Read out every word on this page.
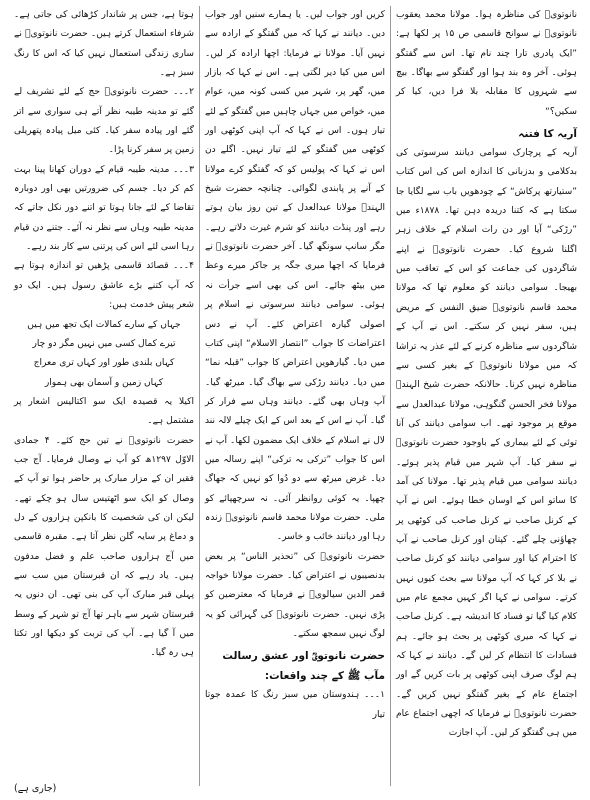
نانوتویؒ کی مناظرہ ہوا۔ مولانا محمد یعقوب نانوتویؒ نے سوانح قاسمی ص ۱۵ پر لکھا ہے: ”ایک پادری تارا چند نام تھا۔ اس سے گفتگو ہوئی۔ آخر وہ بند ہوا اور گفتگو سے بھاگا۔ بیچ سے شہروں کا مقابلہ بلا فرا دیں، کیا کر سکیں؟“

آریہ کا فتنہ

آریہ کے پرچارک سوامی دیانند سرسوتی کی بدکلامی و بدزبانی کا اندازہ اس کی اس کتاب ”ستیارتھ پرکاش“ کے چودھویں باب سے لگایا جا سکتا ہے کہ کتنا دریدہ دہن تھا۔ ۱۸۷۸ء میں ”رڑکی“ آیا اور دن رات اسلام کے خلاف زہر اگلنا شروع کیا۔ حضرت نانوتویؒ نے اپنے شاگردوں کی جماعت کو اس کے تعاقب میں بھیجا۔ سوامی دیانند کو معلوم تھا کہ مولانا محمد قاسم نانوتویؒ ضیق النفس کے مریض ہیں، سفر نہیں کر سکتے۔ اس نے آپ کے شاگردوں سے مناظرہ کرنے کے لئے عذر یہ تراشا کہ میں مولانا نانوتویؒ کے بغیر کسی سے مناظرہ نہیں کرنا۔ حالانکہ حضرت شیخ الہندؒ مولانا فخر الحسن گنگوہی، مولانا عبدالعدل سے موقع پر موجود تھے۔ اب سوامی دیانند کی آنا توئی کے لئے بیماری کے باوجود حضرت نانوتویؒ نے سفر کیا۔ آپ شہر میں قیام پذیر ہوئے۔ دیانند سوامی میں قیام پذیر تھا۔ مولانا کی آمد کا ساتو اس کے اوسان خطا ہوئے۔ اس نے آپ کے کرنل صاحب نے کرنل صاحب کی کوٹھی پر چھاؤنی چلے گئے۔ کپتان اور کرنل صاحب نے آپ کا احترام کیا اور سوامی دیانند کو کرنل صاحب نے بلا کر کہا کہ آپ مولانا سے بحث کیوں نہیں کرتے۔ سوامی نے کہا اگر کہیں مجمع عام میں کلام کیا گیا تو فساد کا اندیشہ ہے۔ کرنل صاحب نے کہا کہ میری کوٹھی پر بحث ہو جائے۔ ہم فسادات کا انتظام کر لیں گے۔ دیانند نے کہا کہ ہم لوگ صرف اپنی کوٹھی پر بات کریں گے اور اجتماع عام کے بغیر گفتگو نہیں کریں گے۔ حضرت نانوتویؒ نے فرمایا کہ اچھی اجتماع عام میں ہی گفتگو کر لیں۔ آپ اجازت

کریں اور جواب لیں۔ یا ہمارے سنیں اور جواب دیں۔ دیانند نے کہا کہ میں گفتگو کے ارادہ سے نہیں آیا۔ مولانا نے فرمایا: اچھا ارادہ کر لیں۔ اس میں کیا دیر لگتی ہے۔ اس نے کہا کہ بازار میں، گھر پر، شہر میں کسی کونہ میں، عوام میں، خواص میں جہاں چاہیں میں گفتگو کے لئے تیار ہوں۔ اس نے کہا کہ آپ اپنی کوٹھی اور کوٹھی میں گفتگو کے لئے تیار نہیں۔ اگلے دن اس نے کہا کہ پولیس کو کہ گفتگو کرے مولانا کے آنے پر پابندی لگوائی۔ چنانچہ حضرت شیخ الہندؒ مولانا عبدالعدل کے تین روز بیان ہوتے رہے اور پنڈت دیانند کو شرم غیرت دلاتے رہے۔ مگر سانپ سونگھ گیا۔ آخر حضرت نانوتویؒ نے فرمایا کہ اچھا میری جگہ پر جاکر میرے وعظ میں بیٹھ جائے۔ اس کی بھی اسے جرأت نہ ہوئی۔ سوامی دیانند سرسوتی نے اسلام پر اصولی گیارہ اعتراض کئے۔ آپ نے دس اعتراضات کا جواب ”انتصار الاسلام“ اپنی کتاب میں دیا۔ گیارھویں اعتراض کا جواب ”قبلہ نما“ میں دیا۔ دیانند رڑکی سے بھاگ گیا۔ میرٹھ گیا۔ آپ وہاں بھی گئے۔ دیانند وہاں سے فرار کر گیا۔ آپ نے اس کے بعد اس کے ایک چیلے لالہ نند لال نے اسلام کے خلاف ایک مضمون لکھا۔ آپ نے اس کا جواب ”ترکی بہ ترکی“ اپنے رسالہ میں دیا۔ غرض میرٹھ سے دو دُوا کو نہیں کہ جھاگ چھپا۔ یہ کوئی روانظر آئی۔ نہ سرچھپائے کو ملی۔ حضرت مولانا محمد قاسم نانوتویؒ زندہ رہا اور دیانند خائب و خاسر۔

حضرت نانوتویؒ کی ”تحذیر الناس“ پر بعض بدنصیبوں نے اعتراض کیا۔ حضرت مولانا خواجہ قمر الدین سیالویؒ نے فرمایا کہ معترضین کو پڑی نہیں۔ حضرت نانوتویؒ کی گہرائی کو یہ لوگ نہیں سمجھ سکتے۔

حضرت نانوتویؒ اور عشق رسالت مآب ﷺ کے چند واقعات:

۱۔۔۔ ہندوستان میں سبز رنگ کا عمدہ جوتا تیار

ہوتا ہے، جس پر شاندار کڑھائی کی جاتی ہے۔ شرفاء استعمال کرتے ہیں۔ حضرت نانوتویؒ نے ساری زندگی استعمال نہیں کیا کہ اس کا رنگ سبز ہے۔

۲۔۔۔ حضرت نانوتویؒ حج کے لئے تشریف لے گئے تو مدینہ طیبہ نظر آتے ہی سواری سے اتر گئے اور پیادہ سفر کیا۔ کئی میل پیادہ پتھریلی زمین پر سفر کرنا پڑا۔

۳۔۔۔ مدینہ طیبہ قیام کے دوران کھانا پینا بہت کم کر دیا۔ جسم کی ضرورتیں بھی اور دوبارہ تقاضا کے لئے جانا ہوتا تو اتنے دور نکل جاتے کہ مدینہ طیبہ وہاں سے نظر نہ آئے۔ جتنے دن قیام رہا اسی لئے اس کی پرتنی سے کار بند رہے۔

۴۔۔۔ قصائد قاسمی پڑھیں تو اندازہ ہوتا ہے کہ آپ کتنے بڑے عاشق رسول ہیں۔ ایک دو شعر پیش خدمت ہیں:

جہاں کے سارے کمالات ایک تجھ میں ہیں
تیرے کمال کسی میں نہیں مگر دو چار
کہاں بلندی طور اور کہاں تری معراج
کہاں زمین و آسمان بھی ہموار

اکیلا یہ قصیدہ ایک سو اکتالیس اشعار پر مشتمل ہے۔

حضرت نانوتویؒ نے تین حج کئے۔ ۴ جمادی الاوّل ۱۲۹۷ھ کو آپ نے وصال فرمایا۔ آج جب فقیر ان کے مزار مبارک پر حاضر ہوا تو آپ کے وصال کو ایک سو اٹھتیس سال ہو چکے تھے۔ لیکن ان کی شخصیت کا بانکپن ہزاروں کے دل و دماغ پر سایہ گلن نظر آتا ہے۔ مقبرہ قاسمی میں آج ہزاروں صاحب علم و فضل مدفون ہیں۔ یاد رہے کہ ان قبرستان میں سب سے پہلی قبر مبارک آپ کی بنی تھی۔ ان دنوں یہ قبرستان شہر سے باہر تھا آج تو شہر کے وسط میں آ گیا ہے۔ آپ کی تربت کو دیکھا اور تکتا ہی رہ گیا۔

(جاری ہے)
